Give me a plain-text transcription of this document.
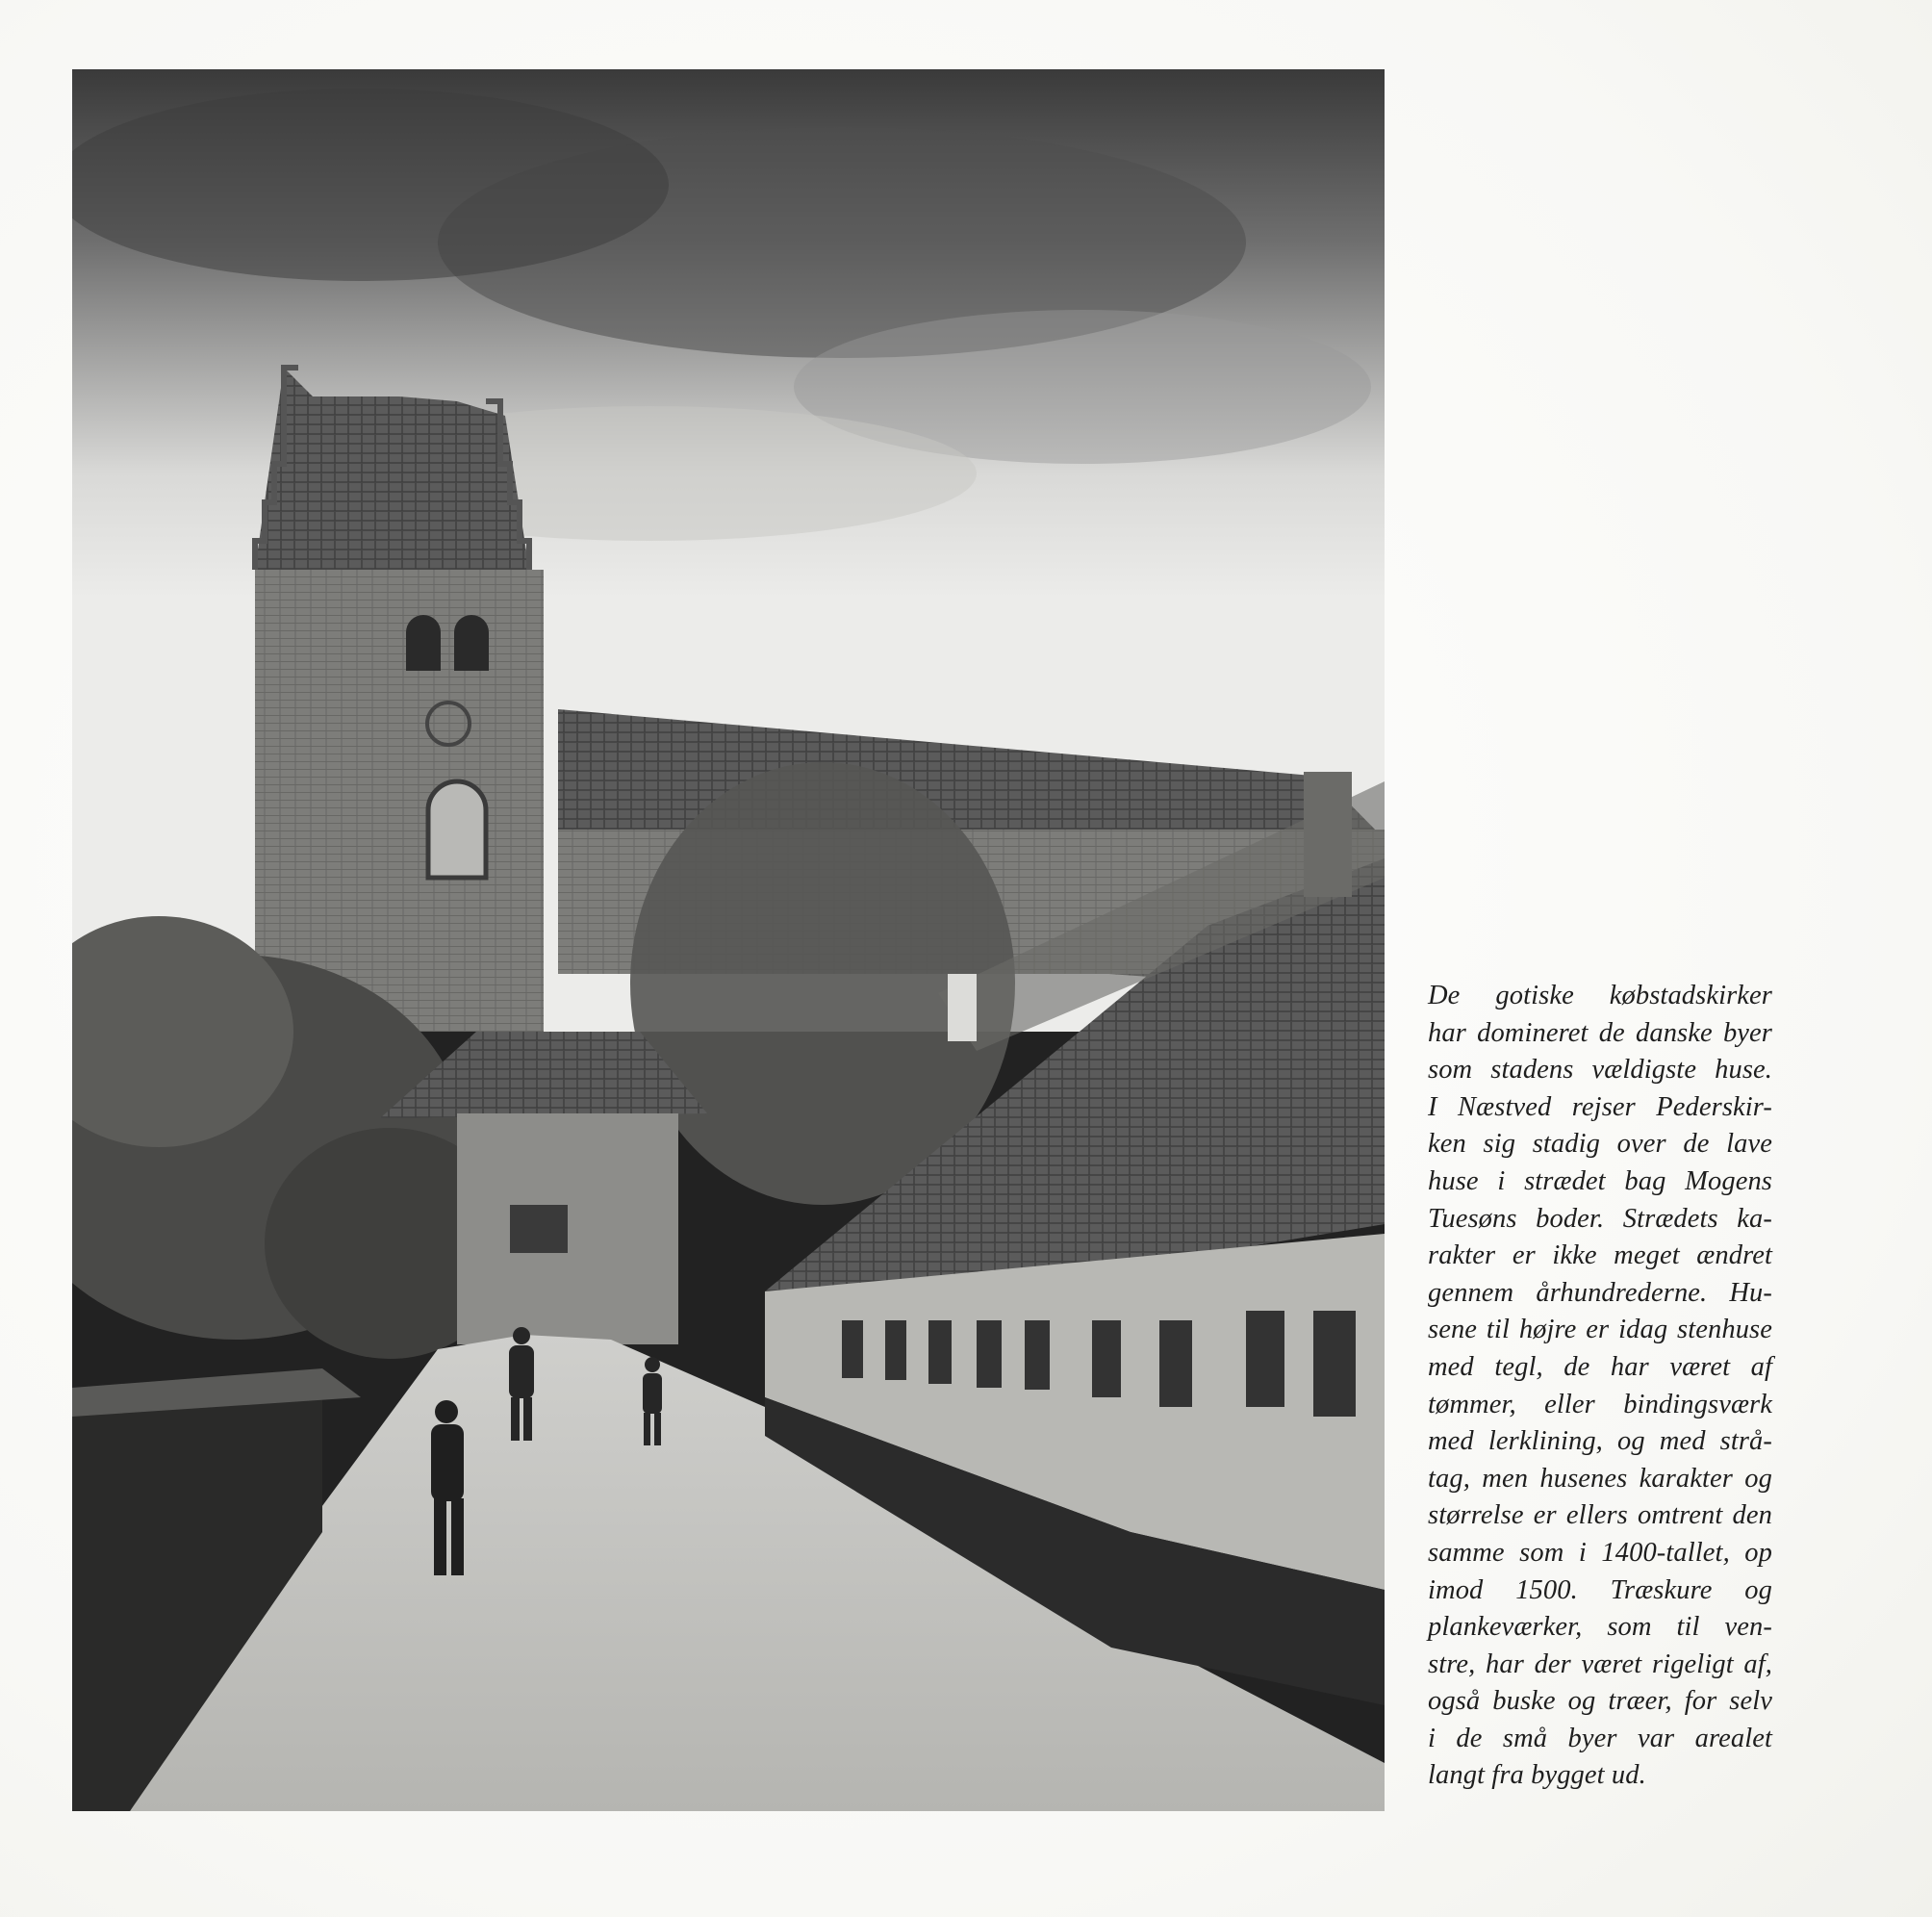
De gotiske købstadskirker
har domineret de danske byer
som stadens vældigste huse.
I Næstved rejser Pederskir-
ken sig stadig over de lave
huse i strædet bag Mogens
Tuesøns boder. Strædets ka-
rakter er ikke meget ændret
gennem århundrederne. Hu-
sene til højre er idag stenhuse
med tegl, de har været af
tømmer, eller bindingsværk
med lerklining, og med strå-
tag, men husenes karakter og
størrelse er ellers omtrent den
samme som i 1400-tallet, op
imod 1500. Træskure og
plankeværker, som til ven-
stre, har der været rigeligt af,
også buske og træer, for selv
i de små byer var arealet
langt fra bygget ud.
